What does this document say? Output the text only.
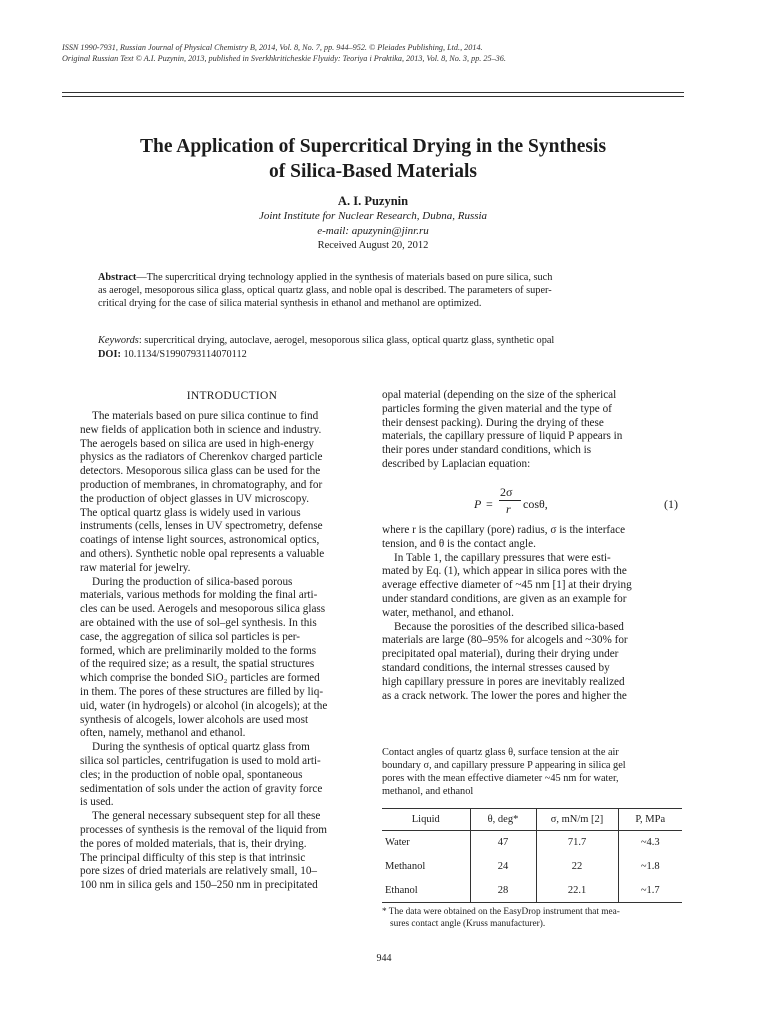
ISSN 1990-7931, Russian Journal of Physical Chemistry B, 2014, Vol. 8, No. 7, pp. 944–952. © Pleiades Publishing, Ltd., 2014.
Original Russian Text © A.I. Puzynin, 2013, published in Sverkhkriticheskie Flyuidy: Teoriya i Praktika, 2013, Vol. 8, No. 3, pp. 25–36.
The Application of Supercritical Drying in the Synthesis
of Silica-Based Materials
A. I. Puzynin
Joint Institute for Nuclear Research, Dubna, Russia
e-mail: apuzynin@jinr.ru
Received August 20, 2012
Abstract—The supercritical drying technology applied in the synthesis of materials based on pure silica, such
as aerogel, mesoporous silica glass, optical quartz glass, and noble opal is described. The parameters of super-
critical drying for the case of silica material synthesis in ethanol and methanol are optimized.
Keywords: supercritical drying, autoclave, aerogel, mesoporous silica glass, optical quartz glass, synthetic opal
DOI: 10.1134/S1990793114070112
INTRODUCTION
The materials based on pure silica continue to find
new fields of application both in science and industry.
The aerogels based on silica are used in high-energy
physics as the radiators of Cherenkov charged particle
detectors. Mesoporous silica glass can be used for the
production of membranes, in chromatography, and for
the production of object glasses in UV microscopy.
The optical quartz glass is widely used in various
instruments (cells, lenses in UV spectrometry, defense
coatings of intense light sources, astronomical optics,
and others). Synthetic noble opal represents a valuable
raw material for jewelry.
During the production of silica-based porous
materials, various methods for molding the final arti-
cles can be used. Aerogels and mesoporous silica glass
are obtained with the use of sol–gel synthesis. In this
case, the aggregation of silica sol particles is per-
formed, which are preliminarily molded to the forms
of the required size; as a result, the spatial structures
which comprise the bonded SiO₂ particles are formed
in them. The pores of these structures are filled by liq-
uid, water (in hydrogels) or alcohol (in alcogels); at the
synthesis of alcogels, lower alcohols are used most
often, namely, methanol and ethanol.
During the synthesis of optical quartz glass from
silica sol particles, centrifugation is used to mold arti-
cles; in the production of noble opal, spontaneous
sedimentation of sols under the action of gravity force
is used.
The general necessary subsequent step for all these
processes of synthesis is the removal of the liquid from
the pores of molded materials, that is, their drying.
The principal difficulty of this step is that intrinsic
pore sizes of dried materials are relatively small, 10–
100 nm in silica gels and 150–250 nm in precipitated
opal material (depending on the size of the spherical
particles forming the given material and the type of
their densest packing). During the drying of these
materials, the capillary pressure of liquid P appears in
their pores under standard conditions, which is
described by Laplacian equation:
P =
2σ
r cosθ,	(1)
where r is the capillary (pore) radius, σ is the interface
tension, and θ is the contact angle.
In Table 1, the capillary pressures that were esti-
mated by Eq. (1), which appear in silica pores with the
average effective diameter of ~45 nm [1] at their drying
under standard conditions, are given as an example for
water, methanol, and ethanol.
Because the porosities of the described silica-based
materials are large (80–95% for alcogels and ~30% for
precipitated opal material), during their drying under
standard conditions, the internal stresses caused by
high capillary pressure in pores are inevitably realized
as a crack network. The lower the pores and higher the
Contact angles of quartz glass θ, surface tension at the air
boundary σ, and capillary pressure P appearing in silica gel
pores with the mean effective diameter ~45 nm for water,
methanol, and ethanol
Liquid	θ, deg*	σ, mN/m [2]	P, MPa
Water	47	71.7	~4.3
Methanol	24	22	~1.8
Ethanol	28	22.1	~1.7
* The data were obtained on the EasyDrop instrument that mea-
sures contact angle (Kruss manufacturer).
944
